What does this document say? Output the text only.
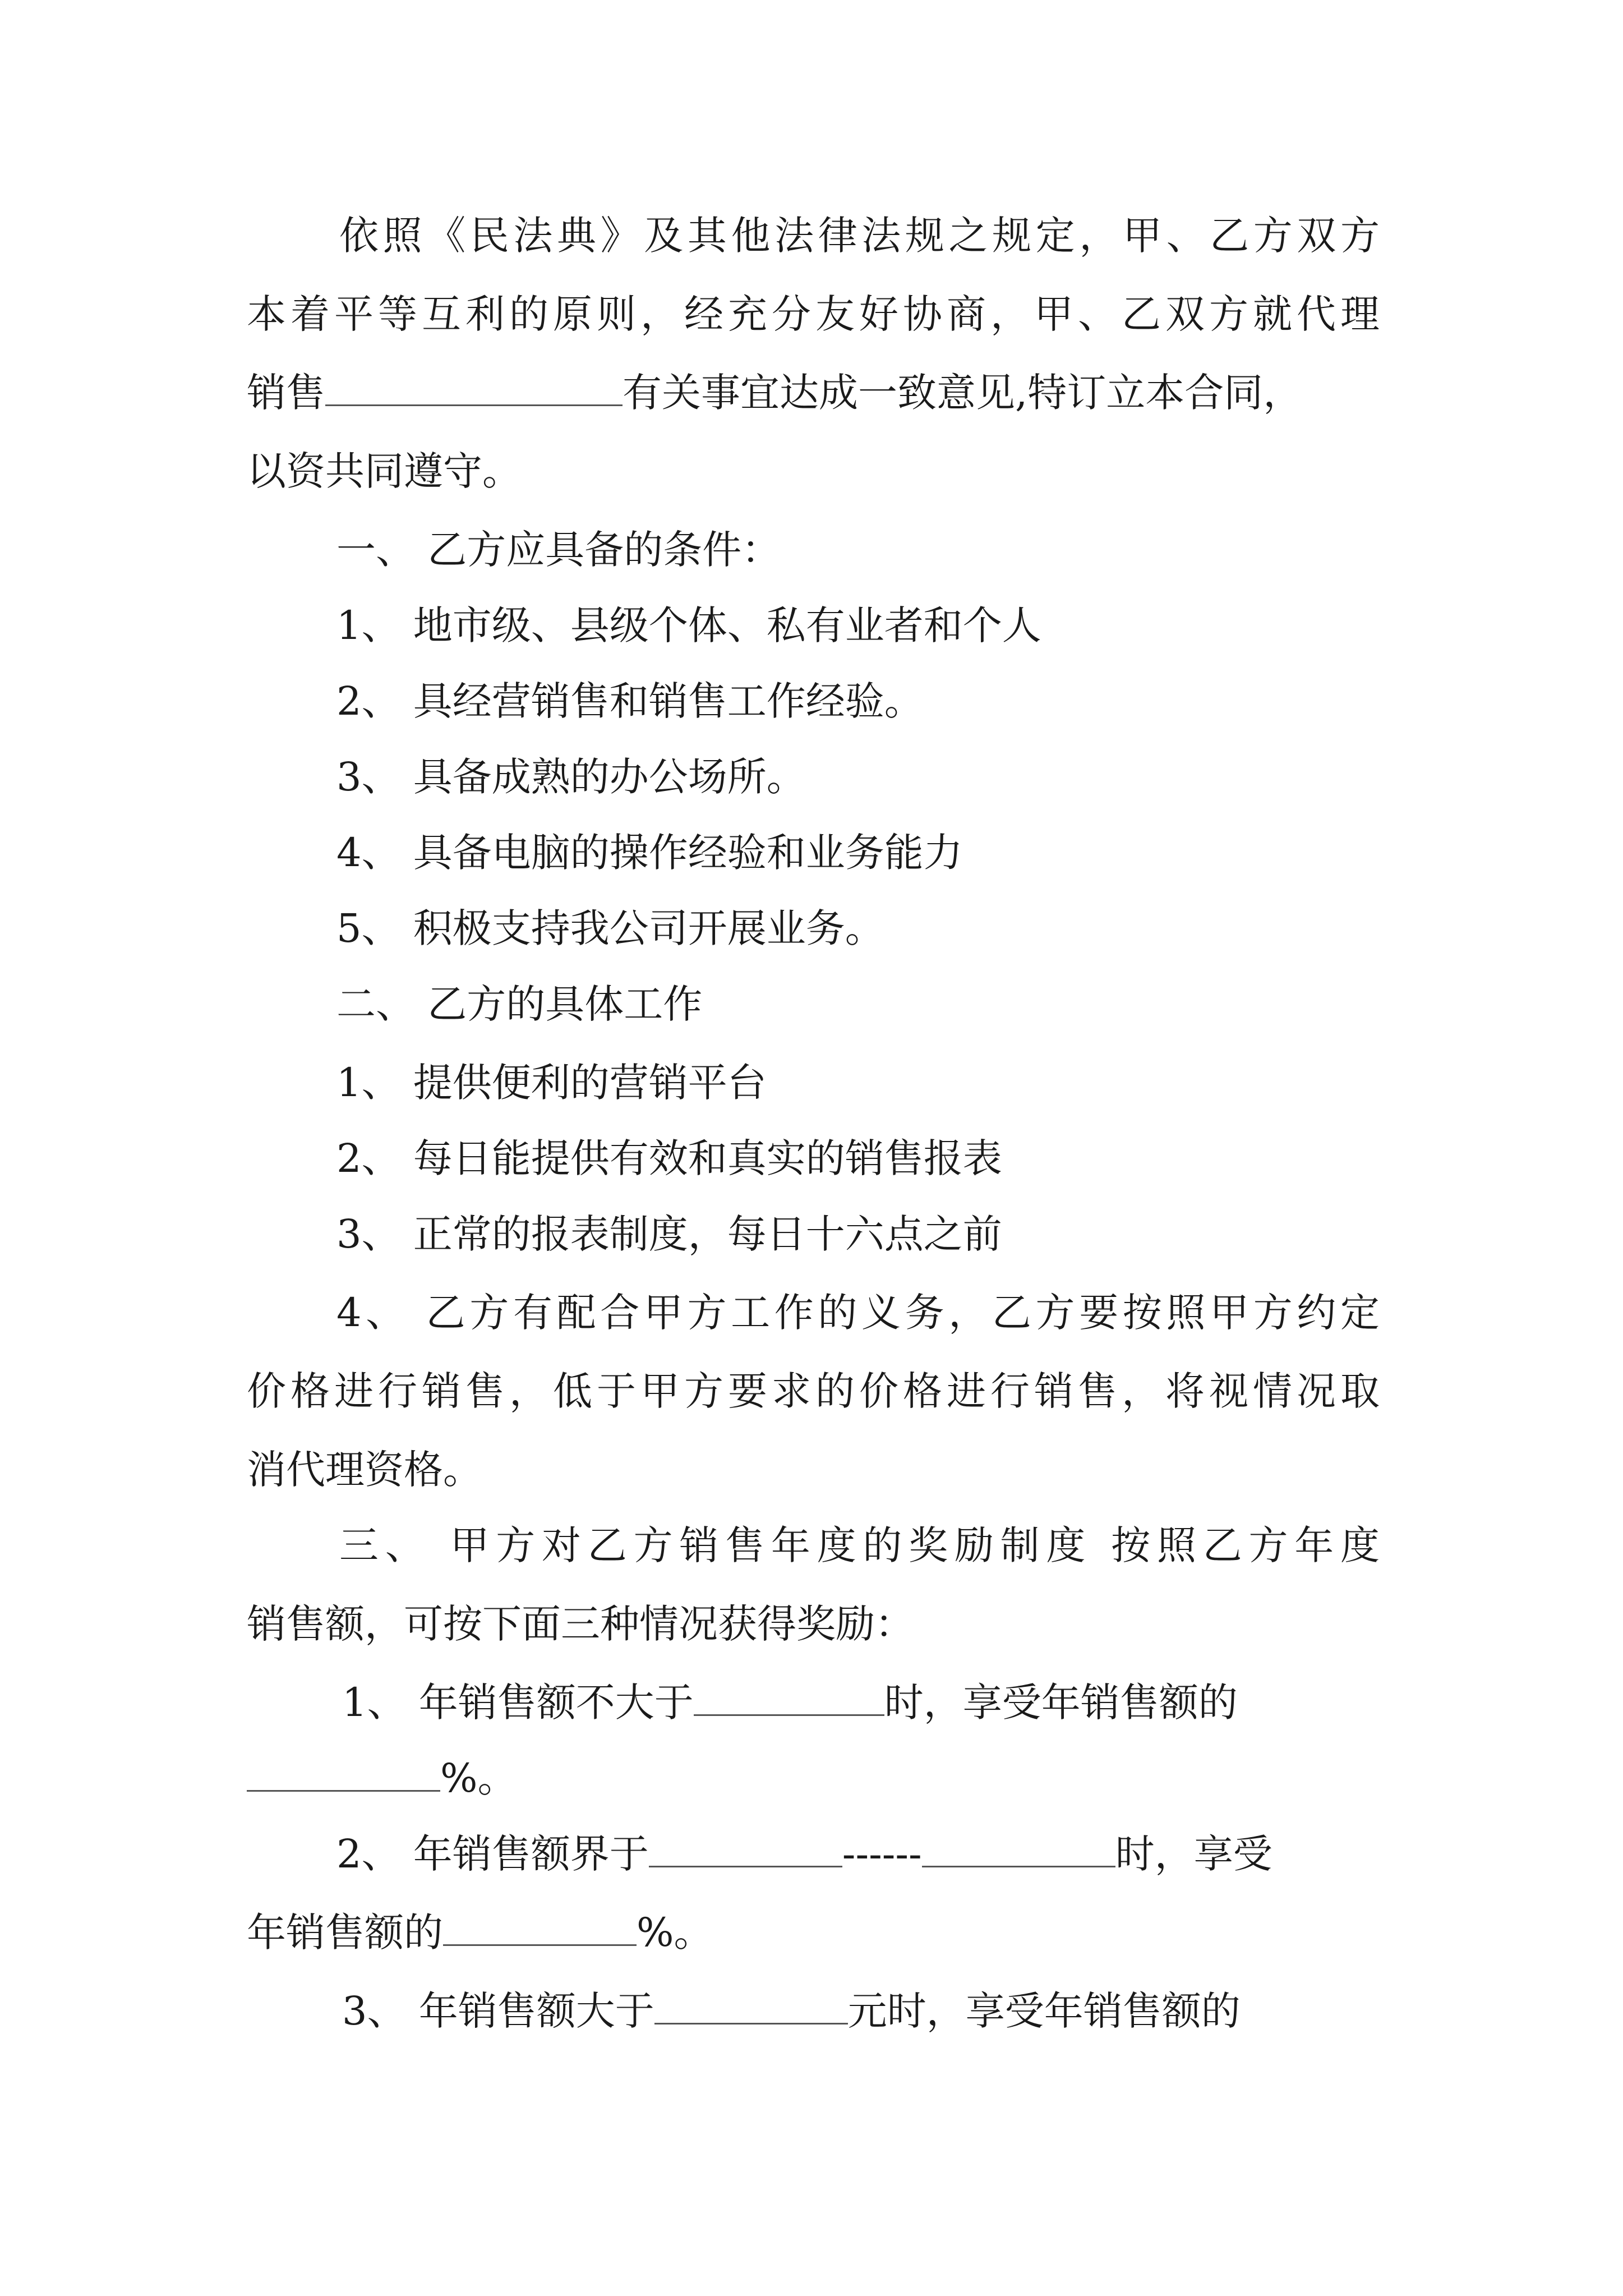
依照《民法典》及其他法律法规之规定，甲、乙方双方
本着平等互利的原则，经充分友好协商，甲、乙双方就代理
销售	有关事宜达成一致意见,特订立本合同，
以资共同遵守。
一、 乙方应具备的条件：
1、 地市级、县级个体、私有业者和个人
2、 具经营销售和销售工作经验。
3、 具备成熟的办公场所。
4、 具备电脑的操作经验和业务能力
5、 积极支持我公司开展业务。
二、 乙方的具体工作
1、 提供便利的营销平台
2、 每日能提供有效和真实的销售报表
3、 正常的报表制度，每日十六点之前
4、 乙方有配合甲方工作的义务，乙方要按照甲方约定
价格进行销售，低于甲方要求的价格进行销售，将视情况取
消代理资格。
三、 甲方对乙方销售年度的奖励制度 按照乙方年度
销售额，可按下面三种情况获得奖励：
1、 年销售额不大于	时，享受年销售额的
%。
2、 年销售额界于	------	时，享受
年销售额的	%。
3、 年销售额大于	元时，享受年销售额的
